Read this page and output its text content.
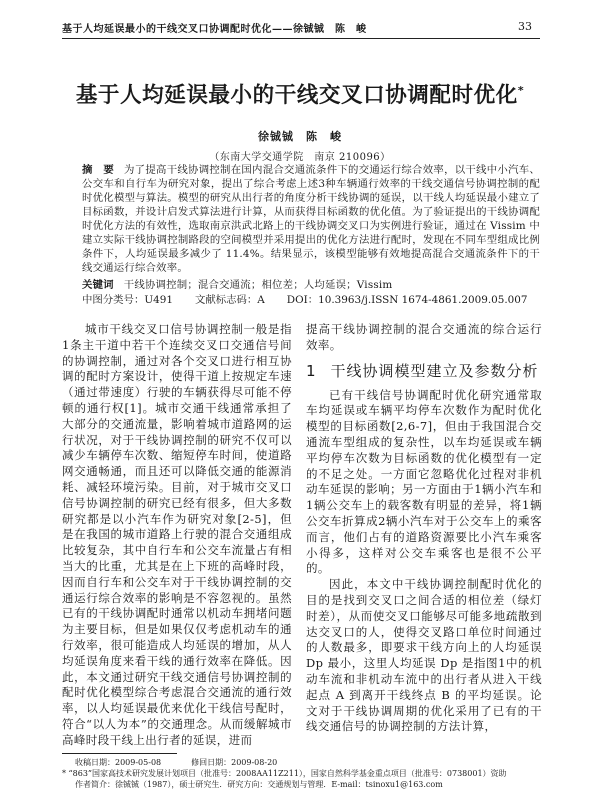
基于人均延误最小的干线交叉口协调配时优化——徐铖铖　陈　峻	33
基于人均延误最小的干线交叉口协调配时优化*
徐铖铖　陈　峻
（东南大学交通学院　南京 210096）
摘　要 为了提高干线协调控制在国内混合交通流条件下的交通运行综合效率，以干线中小汽车、公交车和自行车为研究对象，提出了综合考虑上述3种车辆通行效率的干线交通信号协调控制的配时优化模型与算法。模型的研究从出行者的角度分析干线协调的延误，以干线人均延误最小建立了目标函数，并设计启发式算法进行计算，从而获得目标函数的优化值。为了验证提出的干线协调配时优化方法的有效性，选取南京洪武北路上的干线协调交叉口为实例进行验证，通过在 Vissim 中建立实际干线协调控制路段的空间模型并采用提出的优化方法进行配时，发现在不同车型组成比例条件下，人均延误最多减少了 11.4%。结果显示，该模型能够有效地提高混合交通流条件下的干线交通运行综合效率。
关键词 干线协调控制；混合交通流；相位差；人均延误；Vissim
中图分类号：U491 文献标志码：A DOI：10.3963/j.ISSN 1674-4861.2009.05.007

城市干线交叉口信号协调控制一般是指1条主干道中若干个连续交叉口交通信号间的协调控制，通过对各个交叉口进行相互协调的配时方案设计，使得干道上按规定车速（通过带速度）行驶的车辆获得尽可能不停顿的通行权[1]。城市交通干线通常承担了大部分的交通流量，影响着城市道路网的运行状况，对于干线协调控制的研究不仅可以减少车辆停车次数、缩短停车时间，使道路网交通畅通，而且还可以降低交通的能源消耗、减轻环境污染。目前，对于城市交叉口信号协调控制的研究已经有很多，但大多数研究都是以小汽车作为研究对象[2-5]，但是在我国的城市道路上行驶的混合交通组成比较复杂，其中自行车和公交车流量占有相当大的比重，尤其是在上下班的高峰时段，因而自行车和公交车对于干线协调控制的交通运行综合效率的影响是不容忽视的。虽然已有的干线协调配时通常以机动车拥堵问题为主要目标，但是如果仅仅考虑机动车的通行效率，很可能造成人均延误的增加，从人均延误角度来看干线的通行效率在降低。因此，本文通过研究干线交通信号协调控制的配时优化模型综合考虑混合交通流的通行效率，以人均延误最优来优化干线信号配时，符合“以人为本”的交通理念。从而缓解城市高峰时段干线上出行者的延误，进而

提高干线协调控制的混合交通流的综合运行效率。

1 干线协调模型建立及参数分析

已有干线信号协调配时优化研究通常取车均延误或车辆平均停车次数作为配时优化模型的目标函数[2,6-7]，但由于我国混合交通流车型组成的复杂性，以车均延误或车辆平均停车次数为目标函数的优化模型有一定的不足之处。一方面它忽略优化过程对非机动车延误的影响；另一方面由于1辆小汽车和1辆公交车上的载客数有明显的差异，将1辆公交车折算成2辆小汽车对于公交车上的乘客而言，他们占有的道路资源要比小汽车乘客小得多，这样对公交车乘客也是很不公平的。

因此，本文中干线协调控制配时优化的目的是找到交叉口之间合适的相位差（绿灯时差），从而使交叉口能够尽可能多地疏散到达交叉口的人，使得交叉路口单位时间通过的人数最多，即要求干线方向上的人均延误 Dp 最小，这里人均延误 Dp 是指图1中的机动车流和非机动车流中的出行者从进入干线起点 A 到离开干线终点 B 的平均延误。论文对于干线协调周期的优化采用了已有的干线交通信号的协调控制的方法计算，

收稿日期：2009-05-08	修回日期：2009-08-20
* “863”国家高技术研究发展计划项目（批准号：2008AA11Z211），国家自然科学基金重点项目（批准号：0738001）资助
作者简介：徐铖铖（1987），硕士研究生．研究方向：交通规划与管理．E-mail：tsinoxu1@163.com
